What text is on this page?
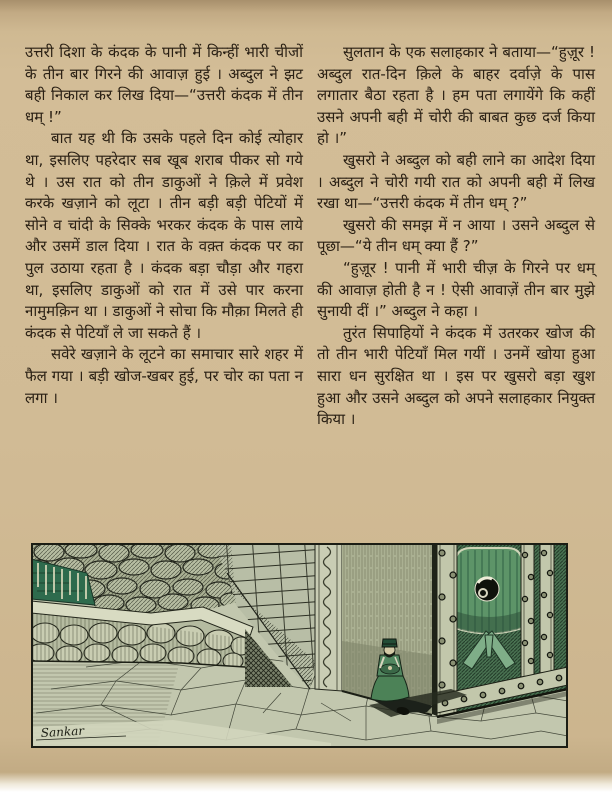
उत्तरी दिशा के कंदक के पानी में किन्हीं भारी चीजों के तीन बार गिरने की आवाज़ हुई । अब्दुल ने झट बही निकाल कर लिख दिया—“उत्तरी कंदक में तीन धम् !”

बात यह थी कि उसके पहले दिन कोई त्योहार था, इसलिए पहरेदार सब खूब शराब पीकर सो गये थे । उस रात को तीन डाकुओं ने क़िले में प्रवेश करके खज़ाने को लूटा । तीन बड़ी बड़ी पेटियों में सोने व चांदी के सिक्के भरकर कंदक के पास लाये और उसमें डाल दिया । रात के वक़्त कंदक पर का पुल उठाया रहता है । कंदक बड़ा चौड़ा और गहरा था, इसलिए डाकुओं को रात में उसे पार करना नामुमक़िन था । डाकुओं ने सोचा कि मौक़ा मिलते ही कंदक से पेटियाँ ले जा सकते हैं ।

सवेरे खज़ाने के लूटने का समाचार सारे शहर में फैल गया । बड़ी खोज-खबर हुई, पर चोर का पता न लगा ।

सुलतान के एक सलाहकार ने बताया—“हुज़ूर ! अब्दुल रात-दिन क़िले के बाहर दर्वाज़े के पास लगातार बैठा रहता है । हम पता लगायेंगे कि कहीं उसने अपनी बही में चोरी की बाबत कुछ दर्ज किया हो ।”

खुसरो ने अब्दुल को बही लाने का आदेश दिया । अब्दुल ने चोरी गयी रात को अपनी बही में लिख रखा था—“उत्तरी कंदक में तीन धम् ?”

खुसरो की समझ में न आया । उसने अब्दुल से पूछा—“ये तीन धम् क्या हैं ?”

“हुज़ूर ! पानी में भारी चीज़ के गिरने पर धम् की आवाज़ होती है न ! ऐसी आवाज़ें तीन बार मुझे सुनायी दीं ।” अब्दुल ने कहा ।

तुरंत सिपाहियों ने कंदक में उतरकर खोज की तो तीन भारी पेटियाँ मिल गयीं । उनमें खोया हुआ सारा धन सुरक्षित था । इस पर खुसरो बड़ा खुश हुआ और उसने अब्दुल को अपने सलाहकार नियुक्त किया ।

Sankar
